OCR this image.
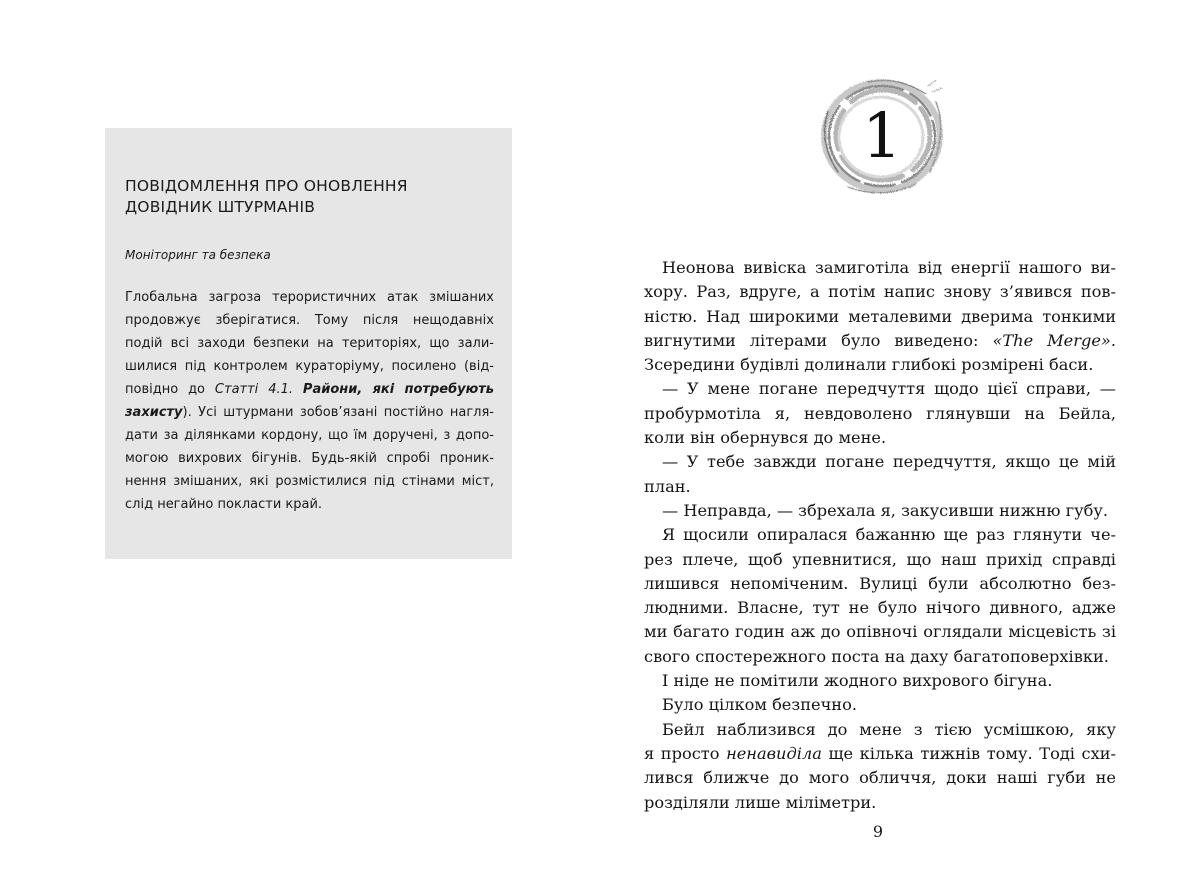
ПОВІДОМЛЕННЯ ПРО ОНОВЛЕННЯ
ДОВІДНИК ШТУРМАНІВ
Моніторинг та безпека
Глобальна загроза терористичних атак змішаних
продовжує зберігатися. Тому після нещодавніх
подій всі заходи безпеки на територіях, що зали-
шилися під контролем кураторіуму, посилено (від-
повідно до Статті 4.1. Райони, які потребують
захисту). Усі штурмани зобов’язані постійно нагля-
дати за ділянками кордону, що їм доручені, з допо-
могою вихрових бігунів. Будь-якій спробі проник-
нення змішаних, які розмістилися під стінами міст,
слід негайно покласти край.
1
Неонова вивіска замиготіла від енергії нашого ви-
хору. Раз, вдруге, а потім напис знову з’явився пов-
ністю. Над широкими металевими дверима тонкими
вигнутими літерами було виведено: «The Merge».
Зсередини будівлі долинали глибокі розмірені баси.
— У мене погане передчуття щодо цієї справи, —
пробурмотіла я, невдоволено глянувши на Бейла,
коли він обернувся до мене.
— У тебе завжди погане передчуття, якщо це мій
план.
— Неправда, — збрехала я, закусивши нижню губу.
Я щосили опиралася бажанню ще раз глянути че-
рез плече, щоб упевнитися, що наш прихід справді
лишився непоміченим. Вулиці були абсолютно без-
людними. Власне, тут не було нічого дивного, адже
ми багато годин аж до опівночі оглядали місцевість зі
свого спостережного поста на даху багатоповерхівки.
І ніде не помітили жодного вихрового бігуна.
Було цілком безпечно.
Бейл наблизився до мене з тією усмішкою, яку
я просто ненавиділа ще кілька тижнів тому. Тоді схи-
лився ближче до мого обличчя, доки наші губи не
розділяли лише міліметри.
9
